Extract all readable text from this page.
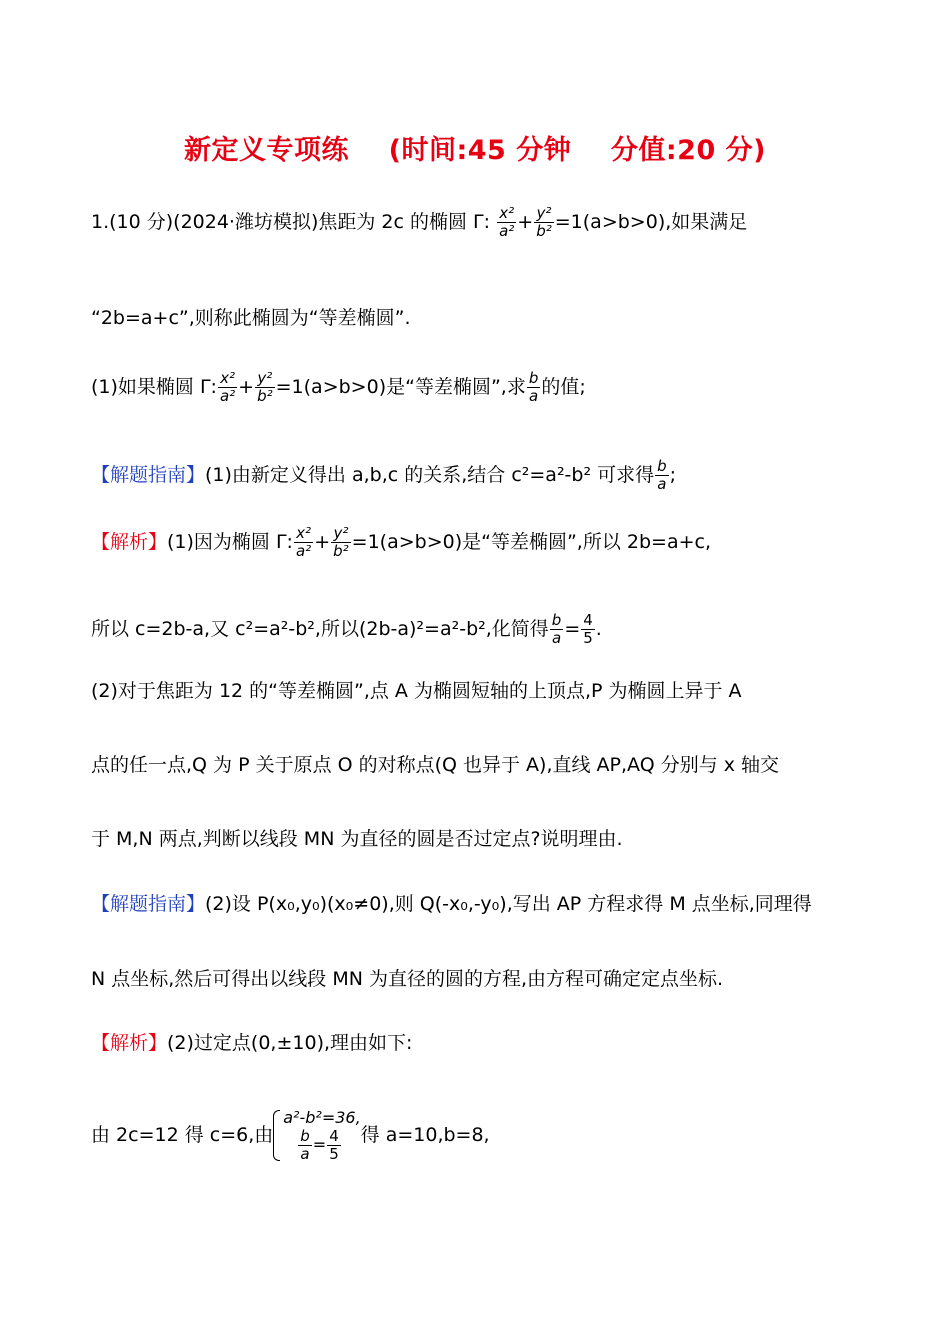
新定义专项练 (时间:45 分钟 分值:20 分)
1.(10 分)(2024·潍坊模拟)焦距为 2c 的椭圆 Γ: $\frac{\text{x²}}{\text{a²}} + \frac{\text{y²}}{\text{b²}} =1(a>b>0)$,如果满足
“2b=a+c”,则称此椭圆为“等差椭圆”.
(1)如果椭圆 Γ: $\frac{\text{x²}}{\text{a²}} + \frac{\text{y²}}{\text{b²}} =1(a>b>0)$是“等差椭圆”,求 $\frac{b}{a}$ 的值;
【解题指南】(1)由新定义得出 a,b,c 的关系,结合 c²=a²-b² 可求得 $\frac{b}{a}$ ;
【解析】(1)因为椭圆 Γ: $\frac{\text{x²}}{\text{a²}} + \frac{\text{y²}}{\text{b²}} =1(a>b>0)$是“等差椭圆”,所以 2b=a+c,
所以 c=2b-a,又 c²=a²-b²,所以(2b-a)²=a²-b²,化简得 $\frac{b}{a} = \frac{4}{5}$ .
(2)对于焦距为 12 的“等差椭圆”,点 A 为椭圆短轴的上顶点,P 为椭圆上异于 A
点的任一点,Q 为 P 关于原点 O 的对称点(Q 也异于 A),直线 AP,AQ 分别与 x 轴交
于 M,N 两点,判断以线段 MN 为直径的圆是否过定点?说明理由.
【解题指南】(2)设 P(x₀,y₀)(x₀≠0),则 Q(-x₀,-y₀),写出 AP 方程求得 M 点坐标,同理得
N 点坐标,然后可得出以线段 MN 为直径的圆的方程,由方程可确定定点坐标.
【解析】(2)过定点(0,±10),理由如下:
由 2c=12 得 c=6,由
a²-b²=36,
$\frac{b}{a} = \frac{4}{5}$ 得 a=10,b=8,
